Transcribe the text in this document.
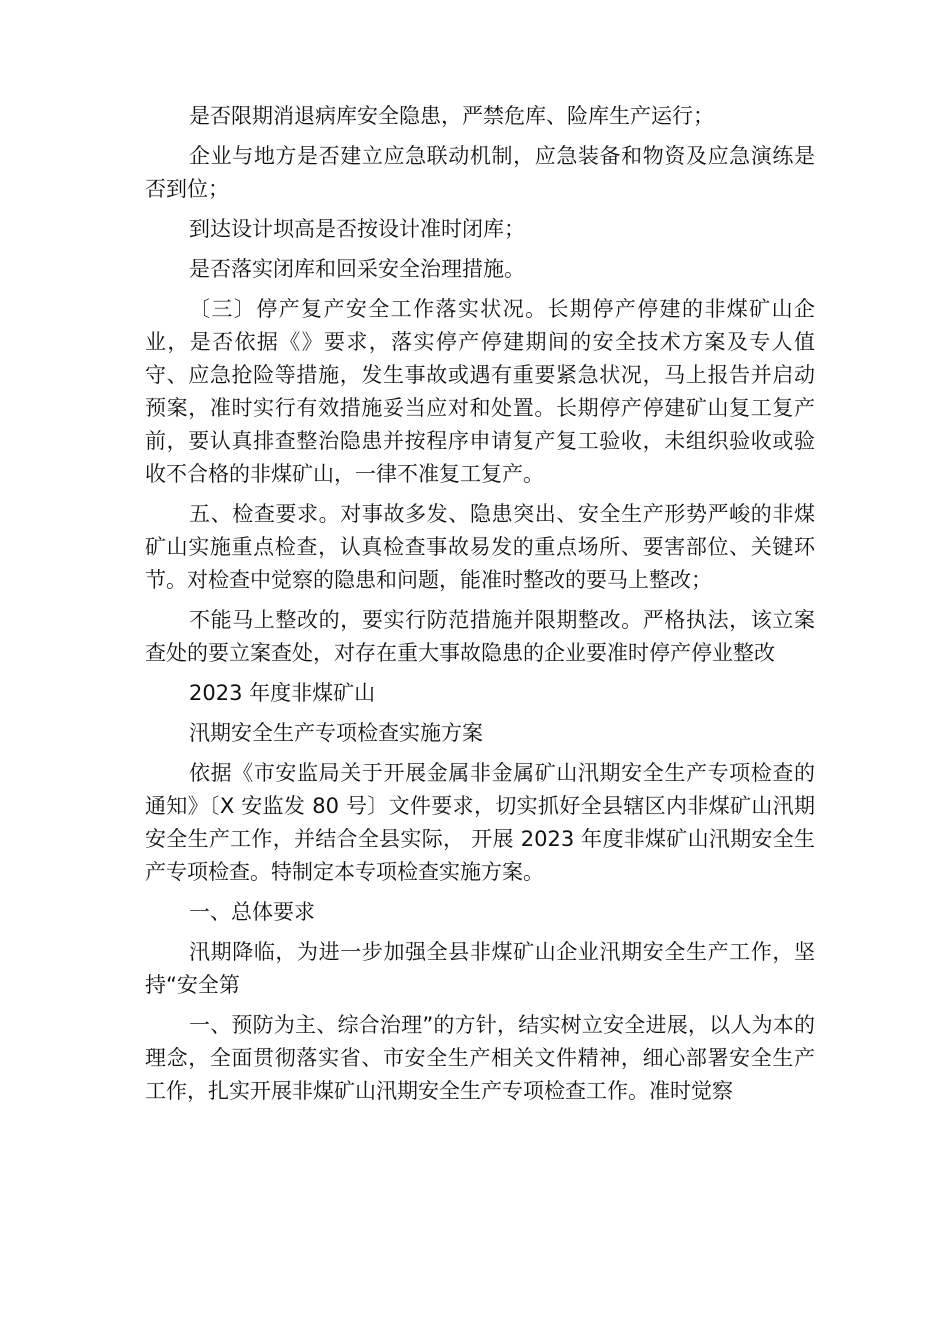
是否限期消退病库安全隐患，严禁危库、险库生产运行；

企业与地方是否建立应急联动机制，应急装备和物资及应急演练是否到位；

到达设计坝高是否按设计准时闭库；

是否落实闭库和回采安全治理措施。

〔三〕停产复产安全工作落实状况。长期停产停建的非煤矿山企业，是否依据《》要求，落实停产停建期间的安全技术方案及专人值守、应急抢险等措施，发生事故或遇有重要紧急状况，马上报告并启动预案，准时实行有效措施妥当应对和处置。长期停产停建矿山复工复产前，要认真排查整治隐患并按程序申请复产复工验收，未组织验收或验收不合格的非煤矿山，一律不准复工复产。

五、检查要求。对事故多发、隐患突出、安全生产形势严峻的非煤矿山实施重点检查，认真检查事故易发的重点场所、要害部位、关键环节。对检查中觉察的隐患和问题，能准时整改的要马上整改；

不能马上整改的，要实行防范措施并限期整改。严格执法，该立案查处的要立案查处，对存在重大事故隐患的企业要准时停产停业整改

2023 年度非煤矿山

汛期安全生产专项检查实施方案

依据《市安监局关于开展金属非金属矿山汛期安全生产专项检查的通知》〔X 安监发 80 号〕文件要求，切实抓好全县辖区内非煤矿山汛期安全生产工作，并结合全县实际， 开展 2023 年度非煤矿山汛期安全生产专项检查。特制定本专项检查实施方案。

一、总体要求

汛期降临，为进一步加强全县非煤矿山企业汛期安全生产工作，坚持“安全第

一、预防为主、综合治理”的方针，结实树立安全进展，以人为本的理念，全面贯彻落实省、市安全生产相关文件精神，细心部署安全生产工作，扎实开展非煤矿山汛期安全生产专项检查工作。准时觉察
